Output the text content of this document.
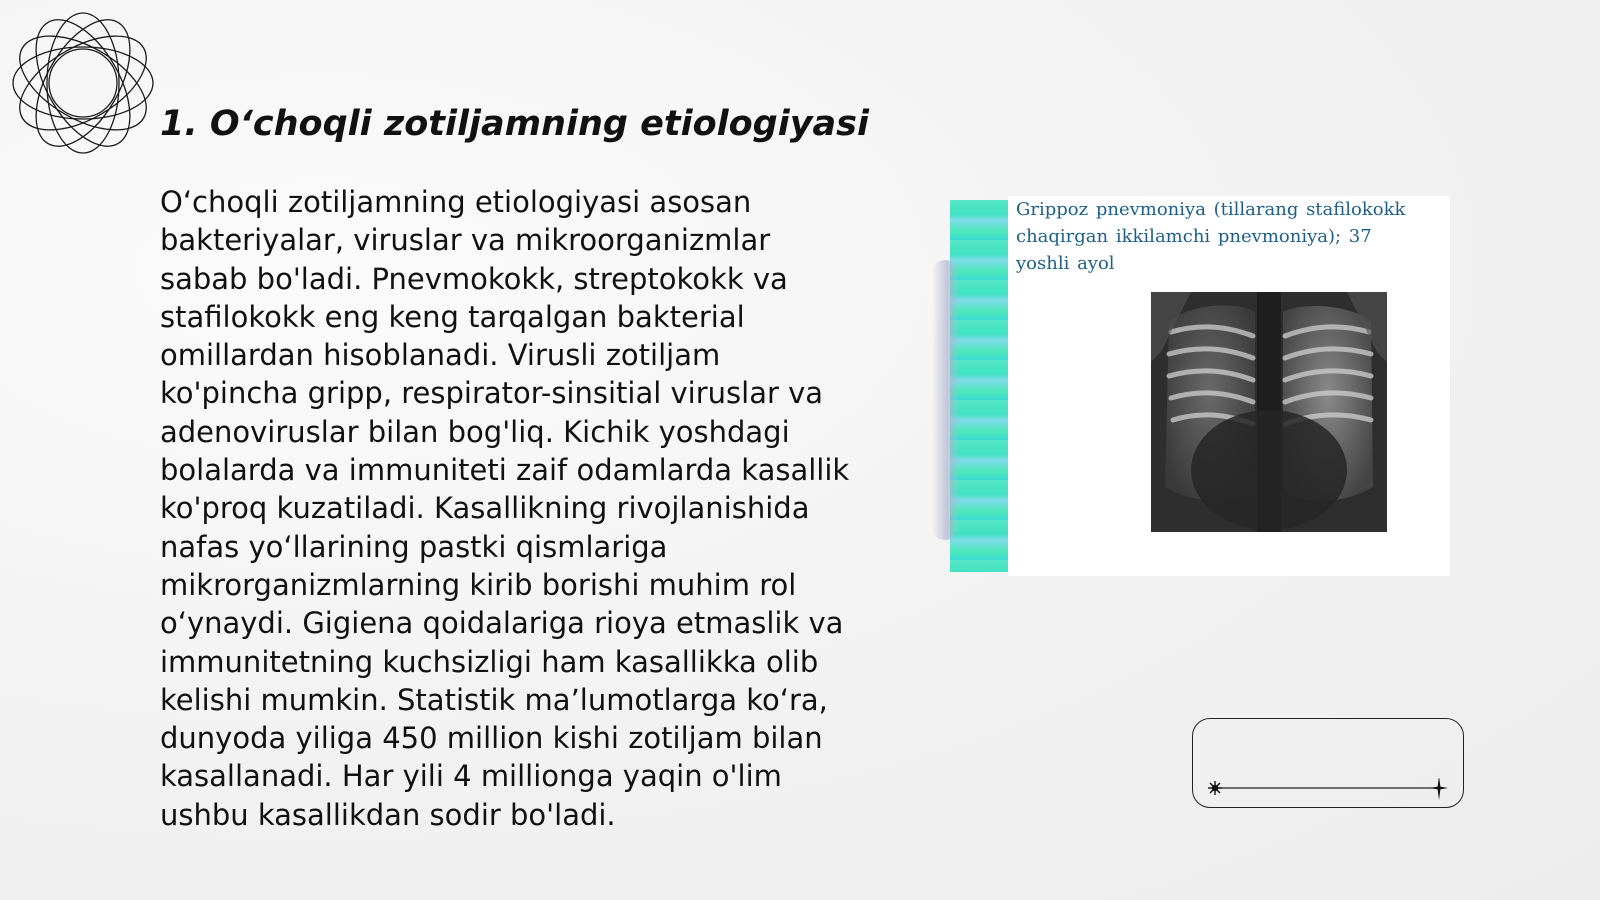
1. O‘choqli zotiljamning etiologiyasi

O‘choqli zotiljamning etiologiyasi asosan bakteriyalar, viruslar va mikroorganizmlar sabab bo'ladi. Pnevmokokk, streptokokk va stafilokokk eng keng tarqalgan bakterial omillardan hisoblanadi. Virusli zotiljam ko'pincha gripp, respirator-sinsitial viruslar va adenoviruslar bilan bog'liq. Kichik yoshdagi bolalarda va immuniteti zaif odamlarda kasallik ko'proq kuzatiladi. Kasallikning rivojlanishida nafas yo‘llarining pastki qismlariga mikrorganizmlarning kirib borishi muhim rol o‘ynaydi. Gigiena qoidalariga rioya etmaslik va immunitetning kuchsizligi ham kasallikka olib kelishi mumkin. Statistik ma’lumotlarga ko‘ra, dunyoda yiliga 450 million kishi zotiljam bilan kasallanadi. Har yili 4 millionga yaqin o'lim ushbu kasallikdan sodir bo'ladi.

Grippoz pnevmoniya (tillarang stafilokokk
chaqirgan ikkilamchi pnevmoniya); 37
yoshli ayol
